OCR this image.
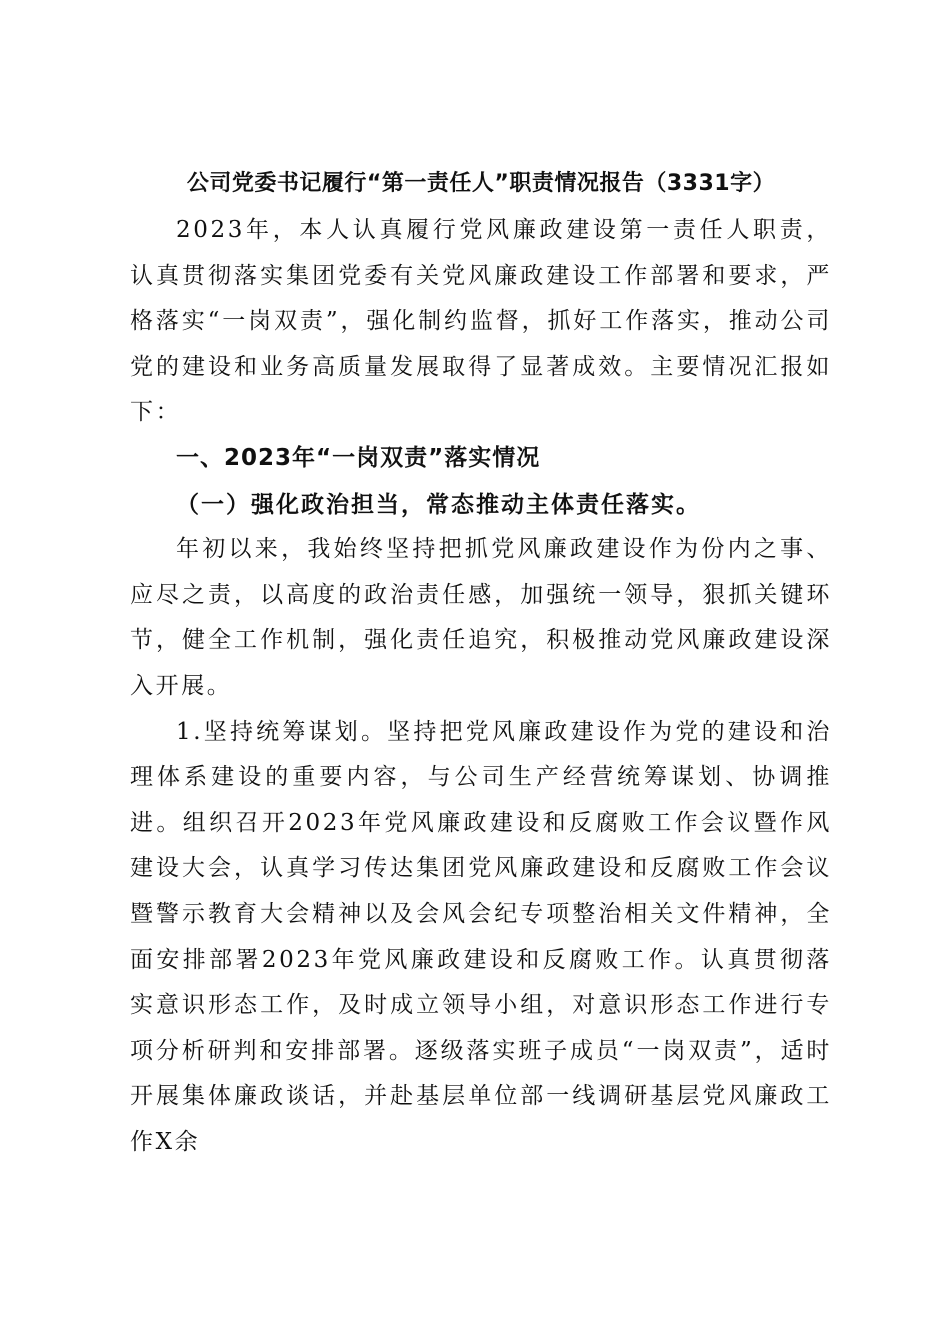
公司党委书记履行“第一责任人”职责情况报告（3331字）

2023年，本人认真履行党风廉政建设第一责任人职责，认真贯彻落实集团党委有关党风廉政建设工作部署和要求，严格落实“一岗双责”，强化制约监督，抓好工作落实，推动公司党的建设和业务高质量发展取得了显著成效。主要情况汇报如下：

一、2023年“一岗双责”落实情况
（一）强化政治担当，常态推动主体责任落实。

年初以来，我始终坚持把抓党风廉政建设作为份内之事、应尽之责，以高度的政治责任感，加强统一领导，狠抓关键环节，健全工作机制，强化责任追究，积极推动党风廉政建设深入开展。

1.坚持统筹谋划。坚持把党风廉政建设作为党的建设和治理体系建设的重要内容，与公司生产经营统筹谋划、协调推进。组织召开2023年党风廉政建设和反腐败工作会议暨作风建设大会，认真学习传达集团党风廉政建设和反腐败工作会议暨警示教育大会精神以及会风会纪专项整治相关文件精神，全面安排部署2023年党风廉政建设和反腐败工作。认真贯彻落实意识形态工作，及时成立领导小组，对意识形态工作进行专项分析研判和安排部署。逐级落实班子成员“一岗双责”，适时开展集体廉政谈话，并赴基层单位部一线调研基层党风廉政工作X余
